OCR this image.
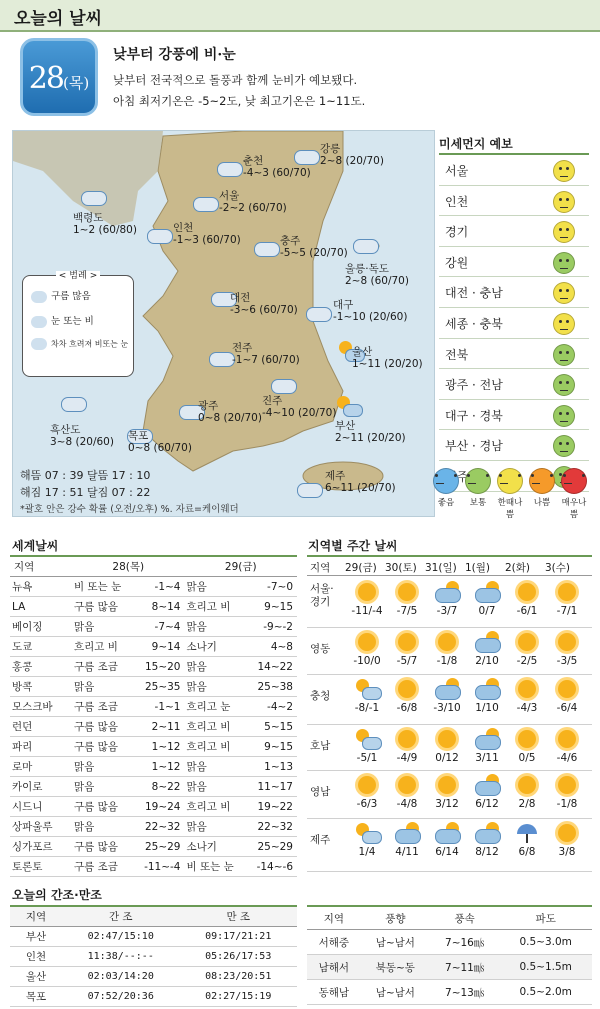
오늘의 날씨
28(목)
낮부터 강풍에 비·눈
낮부터 전국적으로 돌풍과 함께 눈비가 예보됐다.
아침 최저기온은 -5~2도, 낮 최고기온은 1~11도.
강릉
2~8 (20/70)
춘천
-4~3 (60/70)
서울
-2~2 (60/70)
백령도
1~2 (60/80)	인천
-1~3 (60/70)	충주
-5~5 (20/70)
울릉·독도
2~8 (60/70)
대전
-3~6 (60/70)	대구
-1~10 (20/60)
전주
-1~7 (60/70)
울산
1~11 (20/20)
흑산도
3~8 (20/60)
광주
0~8 (20/70)
진주
-4~10 (20/70)
목포
0~8 (60/70)
부산
2~11 (20/20)
제주
6~11 (20/70)
< 범례 >
구름 많음
눈 또는 비
차차 흐려져 비또는 눈
해뜸 07 : 39 달뜸 17 : 10
해짐 17 : 51 달짐 07 : 22
*괄호 안은 강수 확률 (오전/오후) %. 자료=케이웨더
미세먼지 예보
서울
인천
경기
강원
대전 · 충남
세종 · 충북
전북
광주 · 전남
대구 · 경북
부산 · 경남
좋음	보통	한때나쁨
나쁨	매우나쁨
세계날씨
지역	28(목)		29(금)	
뉴욕	비 또는 눈	-1~4	맑음	-7~0
LA	구름 많음	8~14	흐리고 비	9~15
베이징	맑음	-7~4	맑음	-9~-2
도쿄	흐리고 비	9~14	소나기	4~8
홍콩	구름 조금	15~20	맑음	14~22
방콕	맑음	25~35	맑음	25~38
모스크바	구름 조금	-1~1	흐리고 눈	-4~2
런던	구름 많음	2~11	흐리고 비	5~15
파리	구름 많음	1~12	흐리고 비	9~15
로마	맑음	1~12	맑음	1~13
카이로	맑음	8~22	맑음	11~17
시드니	구름 많음	19~24	흐리고 비	19~22
상파울루	맑음	22~32	맑음	22~32
싱가포르	구름 많음	25~29	소나기	25~29
토론토	구름 조금	-11~-4	비 또는 눈	-14~-6
지역별 주간 날씨
지역 29(금) 30(토) 31(일) 1(월) 2(화) 3(수)
서울·
경기
-11/-4	-7/5	-3/7	0/7	-6/1	-7/1
영동
-10/0	-5/7	-1/8	2/10	-2/5	-3/5
충청
-8/-1	-6/8	-3/10	1/10	-4/3	-6/4
호남
-5/1	-4/9	0/12	3/11	0/5	-4/6
영남
-6/3	-4/8	3/12	6/12	2/8	-1/8
제주
1/4	4/11	6/14	8/12	6/8	3/8
오늘의 간조·만조
지역	간 조	만 조
부산	02:47/15:10	09:17/21:21
인천	11:38/--:--	05:26/17:53
울산	02:03/14:20	08:23/20:51
목포	07:52/20:36	02:27/15:19
지역	풍향	풍속	파도
서해중	남~남서	7~16㎧	0.5~3.0m
남해서	북동~동	7~11㎧	0.5~1.5m
동해남	남~남서	7~13㎧	0.5~2.0m
